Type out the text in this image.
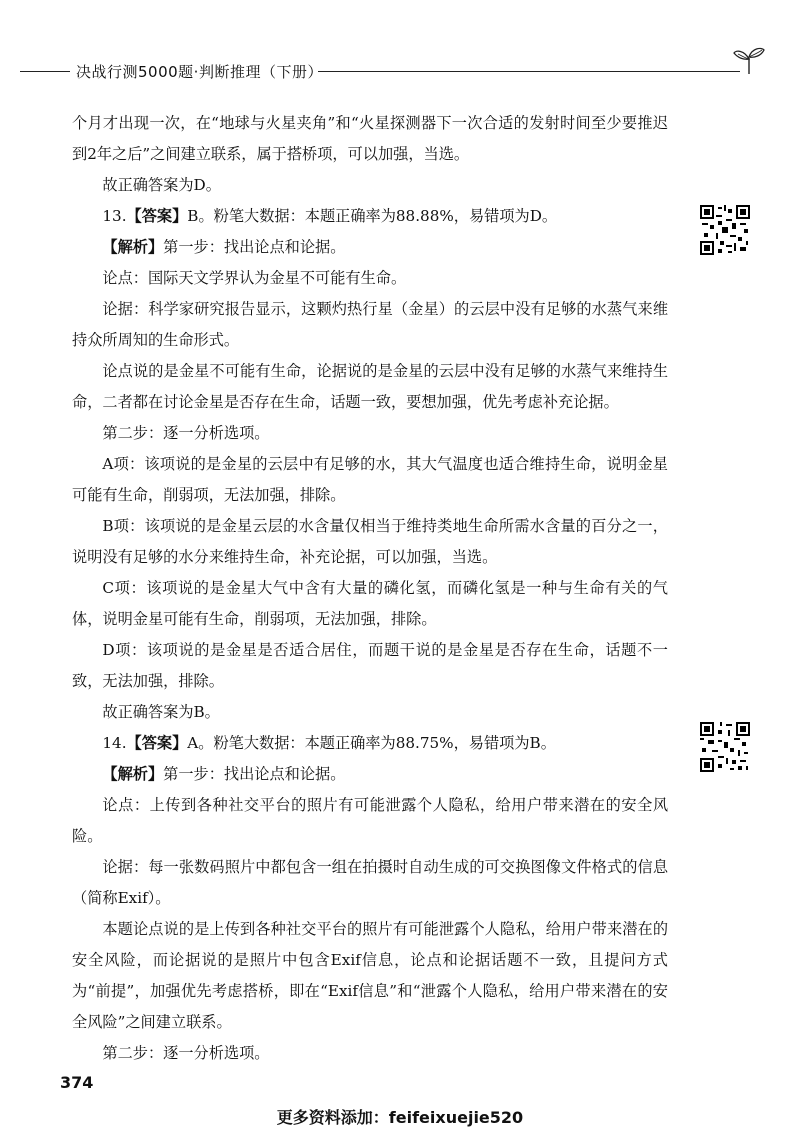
决战行测5000题·判断推理（下册）

个月才出现一次，在“地球与火星夹角”和“火星探测器下一次合适的发射时间至少要推迟到2年之后”之间建立联系，属于搭桥项，可以加强，当选。

故正确答案为D。

13.【答案】B。粉笔大数据：本题正确率为88.88%，易错项为D。

【解析】第一步：找出论点和论据。

论点：国际天文学界认为金星不可能有生命。

论据：科学家研究报告显示，这颗灼热行星（金星）的云层中没有足够的水蒸气来维持众所周知的生命形式。

论点说的是金星不可能有生命，论据说的是金星的云层中没有足够的水蒸气来维持生命，二者都在讨论金星是否存在生命，话题一致，要想加强，优先考虑补充论据。

第二步：逐一分析选项。

A项：该项说的是金星的云层中有足够的水，其大气温度也适合维持生命，说明金星可能有生命，削弱项，无法加强，排除。

B项：该项说的是金星云层的水含量仅相当于维持类地生命所需水含量的百分之一，说明没有足够的水分来维持生命，补充论据，可以加强，当选。

C项：该项说的是金星大气中含有大量的磷化氢，而磷化氢是一种与生命有关的气体，说明金星可能有生命，削弱项，无法加强，排除。

D项：该项说的是金星是否适合居住，而题干说的是金星是否存在生命，话题不一致，无法加强，排除。

故正确答案为B。

14.【答案】A。粉笔大数据：本题正确率为88.75%，易错项为B。

【解析】第一步：找出论点和论据。

论点：上传到各种社交平台的照片有可能泄露个人隐私，给用户带来潜在的安全风险。

论据：每一张数码照片中都包含一组在拍摄时自动生成的可交换图像文件格式的信息（简称Exif）。

本题论点说的是上传到各种社交平台的照片有可能泄露个人隐私，给用户带来潜在的安全风险，而论据说的是照片中包含Exif信息，论点和论据话题不一致，且提问方式为“前提”，加强优先考虑搭桥，即在“Exif信息”和“泄露个人隐私，给用户带来潜在的安全风险”之间建立联系。

第二步：逐一分析选项。

374
更多资料添加：feifeixuejie520
